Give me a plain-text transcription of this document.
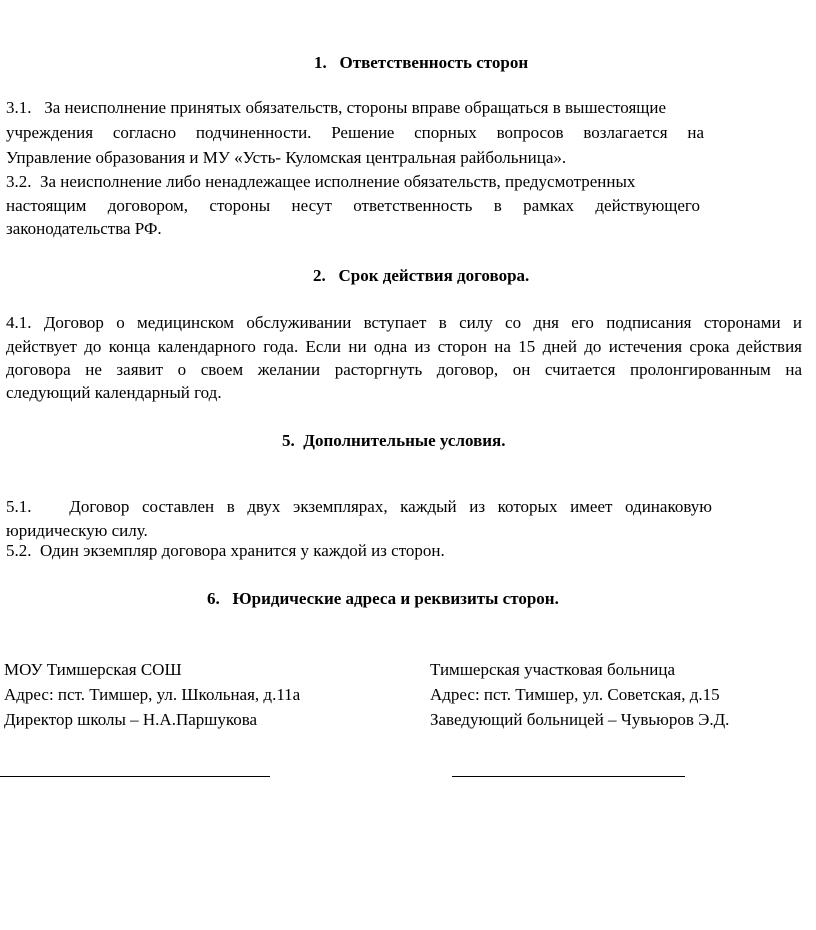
1.   Ответственность сторон
3.1.   За неисполнение принятых обязательств, стороны вправе обращаться в вышестоящие
учреждения согласно подчиненности. Решение спорных вопросов возлагается на
Управление образования и МУ «Усть- Куломская центральная райбольница».
3.2.  За неисполнение либо ненадлежащее исполнение обязательств, предусмотренных
настоящим договором, стороны несут ответственность в рамках действующего
законодательства РФ.
2.   Срок действия договора.
4.1. Договор о медицинском обслуживании вступает в силу со дня его подписания сторонами и
действует до конца календарного года. Если ни одна из сторон на 15 дней до истечения срока действия
договора не заявит о своем желании расторгнуть договор, он считается пролонгированным на
следующий календарный год.
5.  Дополнительные условия.
5.1.   Договор составлен в двух экземплярах, каждый из которых имеет одинаковую
юридическую силу.
5.2.  Один экземпляр договора хранится у каждой из сторон.
6.   Юридические адреса и реквизиты сторон.
МОУ Тимшерская СОШ
Адрес: пст. Тимшер, ул. Школьная, д.11а
Директор школы – Н.А.Паршукова
Тимшерская участковая больница
Адрес: пст. Тимшер, ул. Советская, д.15
Заведующий больницей – Чувьюров Э.Д.
